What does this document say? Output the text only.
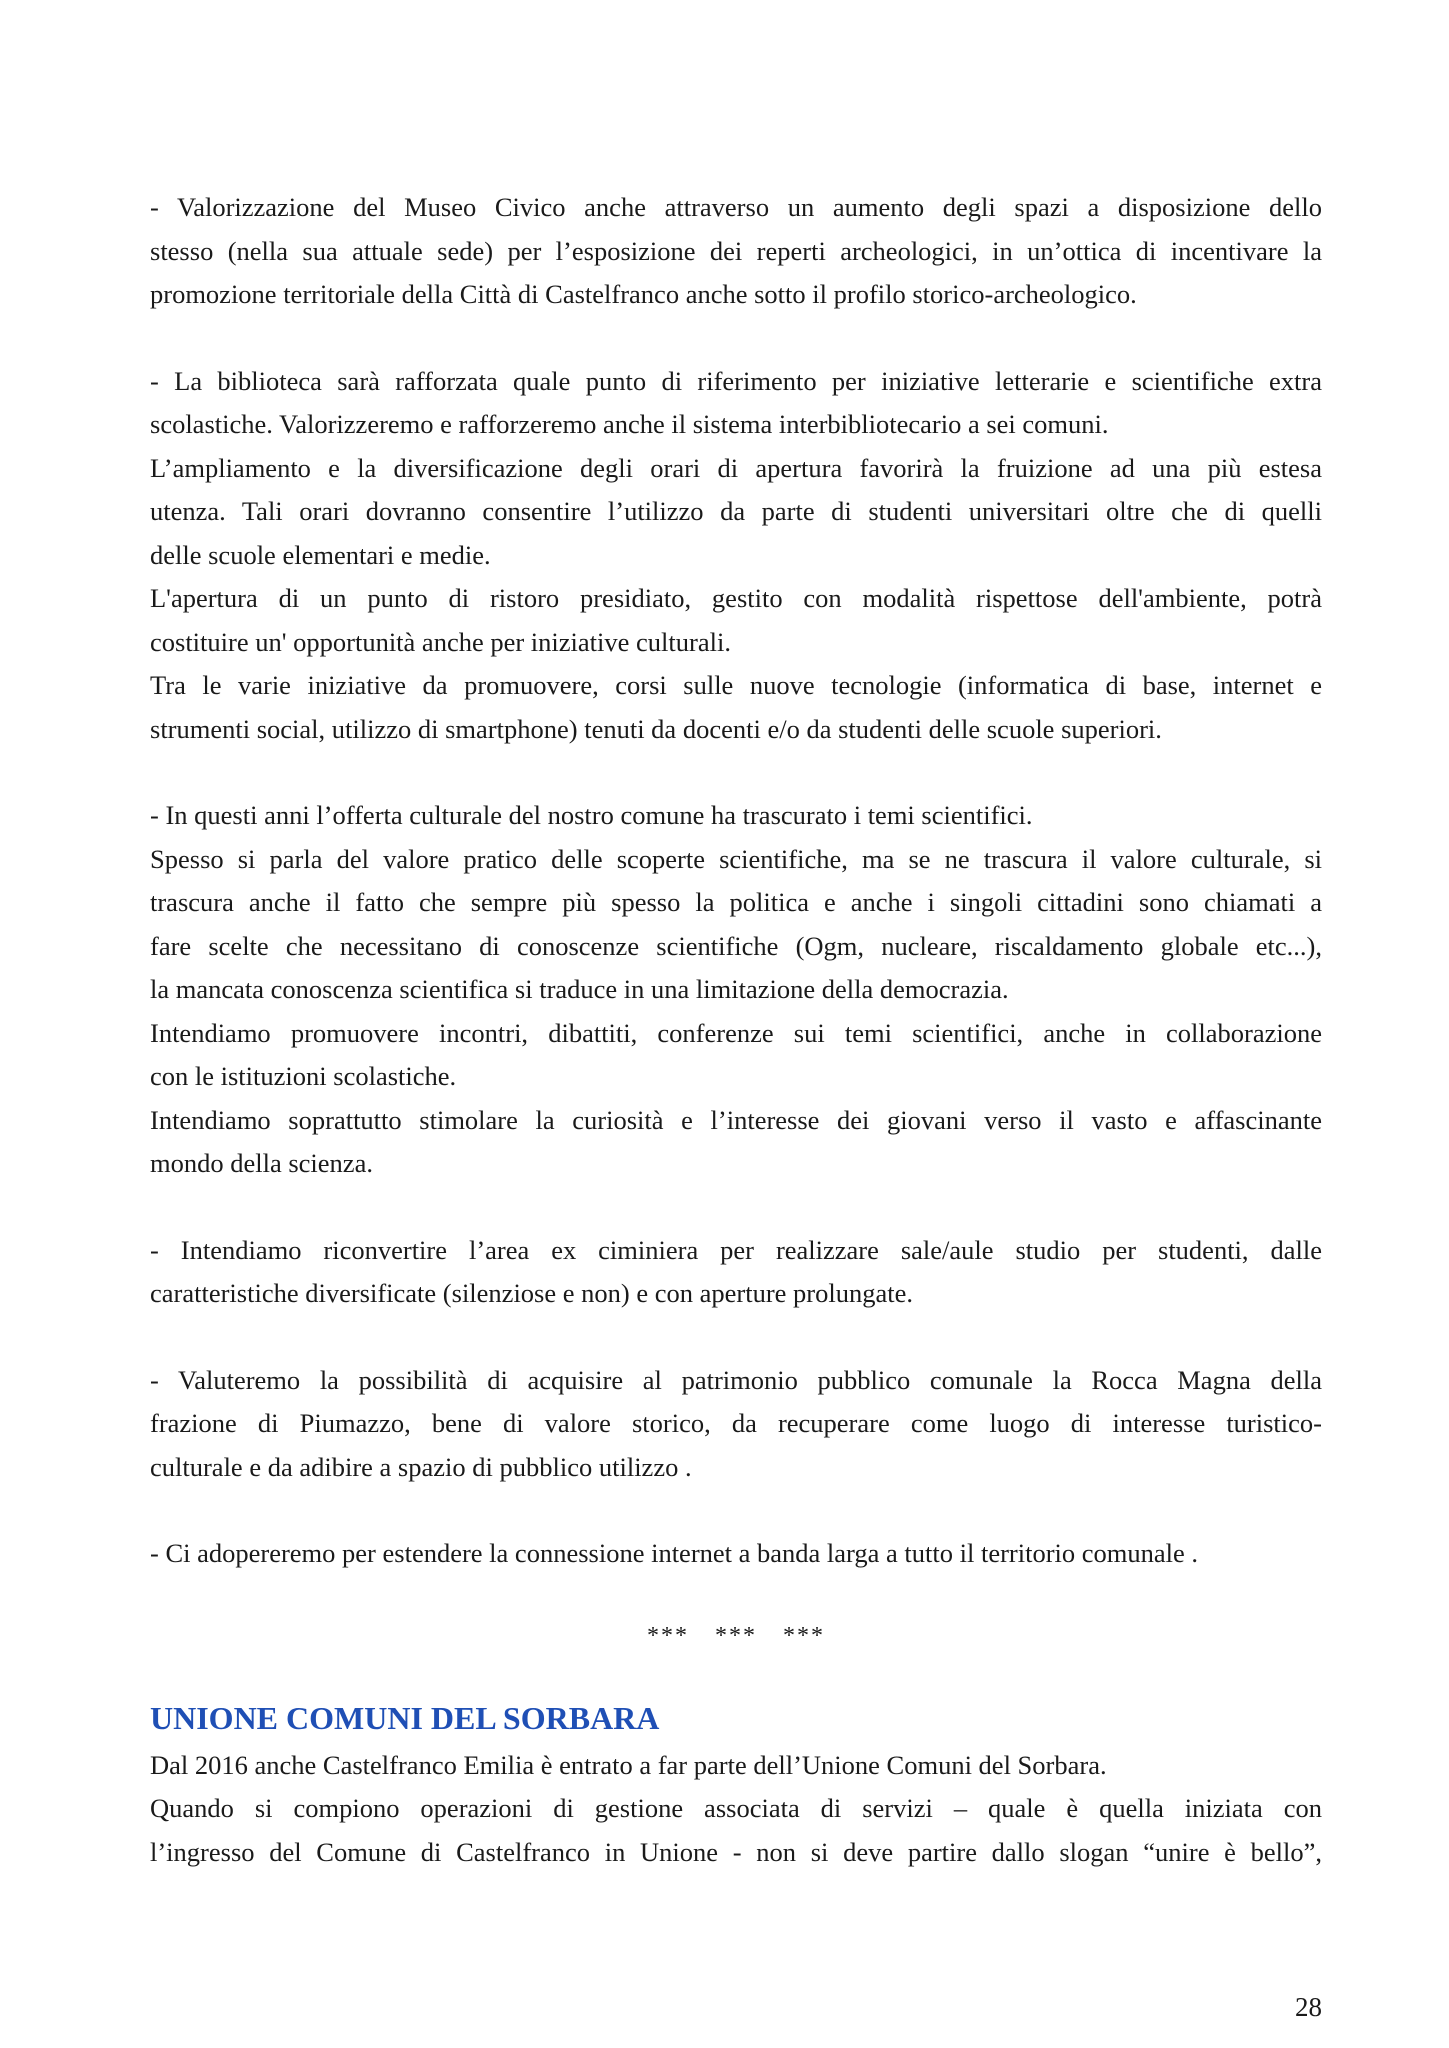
- Valorizzazione del Museo Civico anche attraverso un aumento degli spazi a disposizione dello
stesso (nella sua attuale sede) per l’esposizione dei reperti archeologici, in un’ottica di incentivare la
promozione territoriale della Città di Castelfranco anche sotto il profilo storico-archeologico.
- La biblioteca sarà rafforzata quale punto di riferimento per iniziative letterarie e scientifiche extra
scolastiche. Valorizzeremo e rafforzeremo anche il sistema interbibliotecario a sei comuni.
L’ampliamento e la diversificazione degli orari di apertura favorirà la fruizione ad una più estesa
utenza. Tali orari dovranno consentire l’utilizzo da parte di studenti universitari oltre che di quelli
delle scuole elementari e medie.
L'apertura di un punto di ristoro presidiato, gestito con modalità rispettose dell'ambiente, potrà
costituire un' opportunità anche per iniziative culturali.
Tra le varie iniziative da promuovere, corsi sulle nuove tecnologie (informatica di base, internet e
strumenti social, utilizzo di smartphone) tenuti da docenti e/o da studenti delle scuole superiori.
- In questi anni l’offerta culturale del nostro comune ha trascurato i temi scientifici.
Spesso si parla del valore pratico delle scoperte scientifiche, ma se ne trascura il valore culturale, si
trascura anche il fatto che sempre più spesso la politica e anche i singoli cittadini sono chiamati a
fare scelte che necessitano di conoscenze scientifiche (Ogm, nucleare, riscaldamento globale etc...),
la mancata conoscenza scientifica si traduce in una limitazione della democrazia.
Intendiamo promuovere incontri, dibattiti, conferenze sui temi scientifici, anche in collaborazione
con le istituzioni scolastiche.
Intendiamo soprattutto stimolare la curiosità e l’interesse dei giovani verso il vasto e affascinante
mondo della scienza.
- Intendiamo riconvertire l’area ex ciminiera per realizzare sale/aule studio per studenti, dalle
caratteristiche diversificate (silenziose e non) e con aperture prolungate.
- Valuteremo la possibilità di acquisire al patrimonio pubblico comunale la Rocca Magna della
frazione di Piumazzo, bene di valore storico, da recuperare come luogo di interesse turistico-
culturale e da adibire a spazio di pubblico utilizzo .
- Ci adopereremo per estendere la connessione internet a banda larga a tutto il territorio comunale .
*** *** ***
UNIONE COMUNI DEL SORBARA
Dal 2016 anche Castelfranco Emilia è entrato a far parte dell’Unione Comuni del Sorbara.
Quando si compiono operazioni di gestione associata di servizi – quale è quella iniziata con
l’ingresso del Comune di Castelfranco in Unione - non si deve partire dallo slogan “unire è bello”,
28
